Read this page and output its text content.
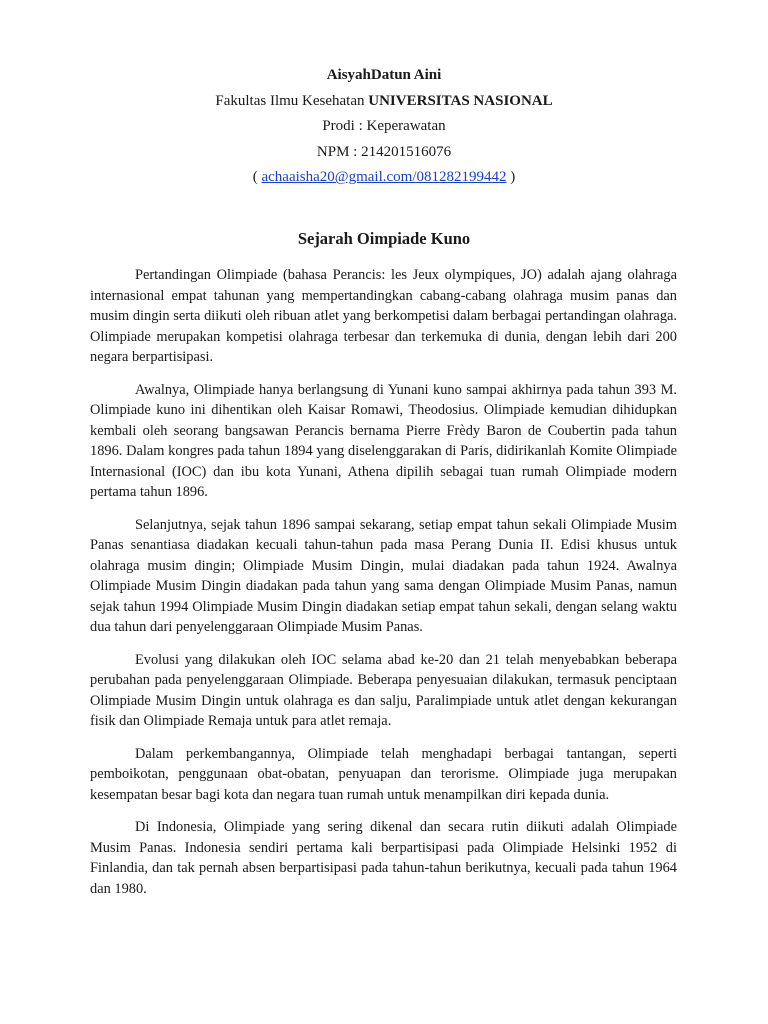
AisyahDatun Aini
Fakultas Ilmu Kesehatan UNIVERSITAS NASIONAL
Prodi : Keperawatan
NPM : 214201516076
( achaaisha20@gmail.com/081282199442 )
Sejarah Oimpiade Kuno

Pertandingan Olimpiade (bahasa Perancis: les Jeux olympiques, JO) adalah ajang olahraga internasional empat tahunan yang mempertandingkan cabang-cabang olahraga musim panas dan musim dingin serta diikuti oleh ribuan atlet yang berkompetisi dalam berbagai pertandingan olahraga. Olimpiade merupakan kompetisi olahraga terbesar dan terkemuka di dunia, dengan lebih dari 200 negara berpartisipasi.

Awalnya, Olimpiade hanya berlangsung di Yunani kuno sampai akhirnya pada tahun 393 M. Olimpiade kuno ini dihentikan oleh Kaisar Romawi, Theodosius. Olimpiade kemudian dihidupkan kembali oleh seorang bangsawan Perancis bernama Pierre Frèdy Baron de Coubertin pada tahun 1896. Dalam kongres pada tahun 1894 yang diselenggarakan di Paris, didirikanlah Komite Olimpiade Internasional (IOC) dan ibu kota Yunani, Athena dipilih sebagai tuan rumah Olimpiade modern pertama tahun 1896.

Selanjutnya, sejak tahun 1896 sampai sekarang, setiap empat tahun sekali Olimpiade Musim Panas senantiasa diadakan kecuali tahun-tahun pada masa Perang Dunia II. Edisi khusus untuk olahraga musim dingin; Olimpiade Musim Dingin, mulai diadakan pada tahun 1924. Awalnya Olimpiade Musim Dingin diadakan pada tahun yang sama dengan Olimpiade Musim Panas, namun sejak tahun 1994 Olimpiade Musim Dingin diadakan setiap empat tahun sekali, dengan selang waktu dua tahun dari penyelenggaraan Olimpiade Musim Panas.

Evolusi yang dilakukan oleh IOC selama abad ke-20 dan 21 telah menyebabkan beberapa perubahan pada penyelenggaraan Olimpiade. Beberapa penyesuaian dilakukan, termasuk penciptaan Olimpiade Musim Dingin untuk olahraga es dan salju, Paralimpiade untuk atlet dengan kekurangan fisik dan Olimpiade Remaja untuk para atlet remaja.

Dalam perkembangannya, Olimpiade telah menghadapi berbagai tantangan, seperti pemboikotan, penggunaan obat-obatan, penyuapan dan terorisme. Olimpiade juga merupakan kesempatan besar bagi kota dan negara tuan rumah untuk menampilkan diri kepada dunia.

Di Indonesia, Olimpiade yang sering dikenal dan secara rutin diikuti adalah Olimpiade Musim Panas. Indonesia sendiri pertama kali berpartisipasi pada Olimpiade Helsinki 1952 di Finlandia, dan tak pernah absen berpartisipasi pada tahun-tahun berikutnya, kecuali pada tahun 1964 dan 1980.
